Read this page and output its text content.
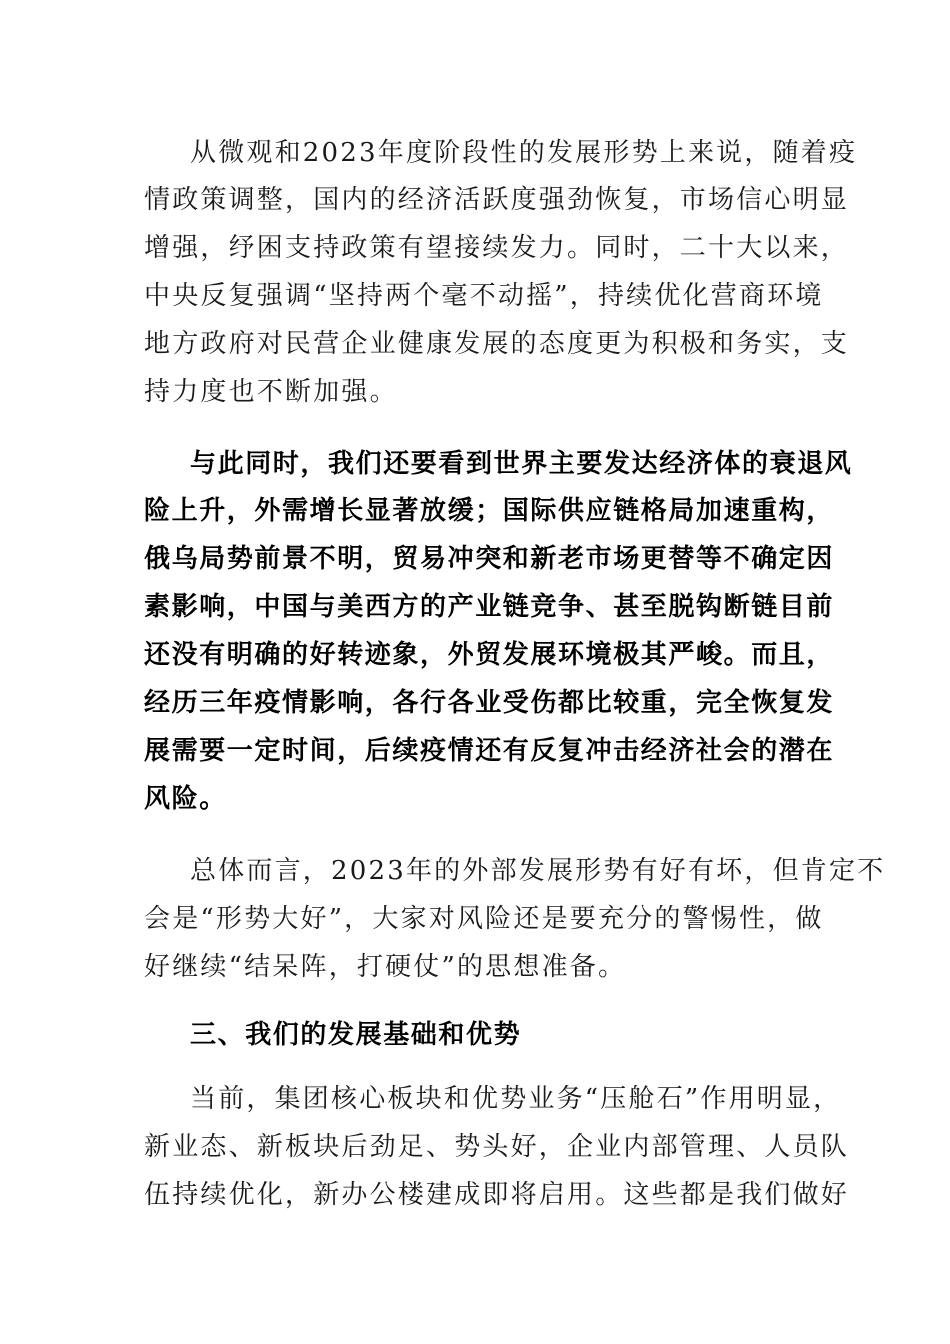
从微观和2023年度阶段性的发展形势上来说，随着疫
情政策调整，国内的经济活跃度强劲恢复，市场信心明显
增强，纾困支持政策有望接续发力。同时，二十大以来，
中央反复强调“坚持两个毫不动摇”，持续优化营商环境
地方政府对民营企业健康发展的态度更为积极和务实，支
持力度也不断加强。
与此同时，我们还要看到世界主要发达经济体的衰退风
险上升，外需增长显著放缓；国际供应链格局加速重构，
俄乌局势前景不明，贸易冲突和新老市场更替等不确定因
素影响，中国与美西方的产业链竞争、甚至脱钩断链目前
还没有明确的好转迹象，外贸发展环境极其严峻。而且，
经历三年疫情影响，各行各业受伤都比较重，完全恢复发
展需要一定时间，后续疫情还有反复冲击经济社会的潜在
风险。
总体而言，2023年的外部发展形势有好有坏，但肯定不
会是“形势大好”，大家对风险还是要充分的警惕性，做
好继续“结呆阵，打硬仗”的思想准备。
三、我们的发展基础和优势
当前，集团核心板块和优势业务“压舱石”作用明显，
新业态、新板块后劲足、势头好，企业内部管理、人员队
伍持续优化，新办公楼建成即将启用。这些都是我们做好
